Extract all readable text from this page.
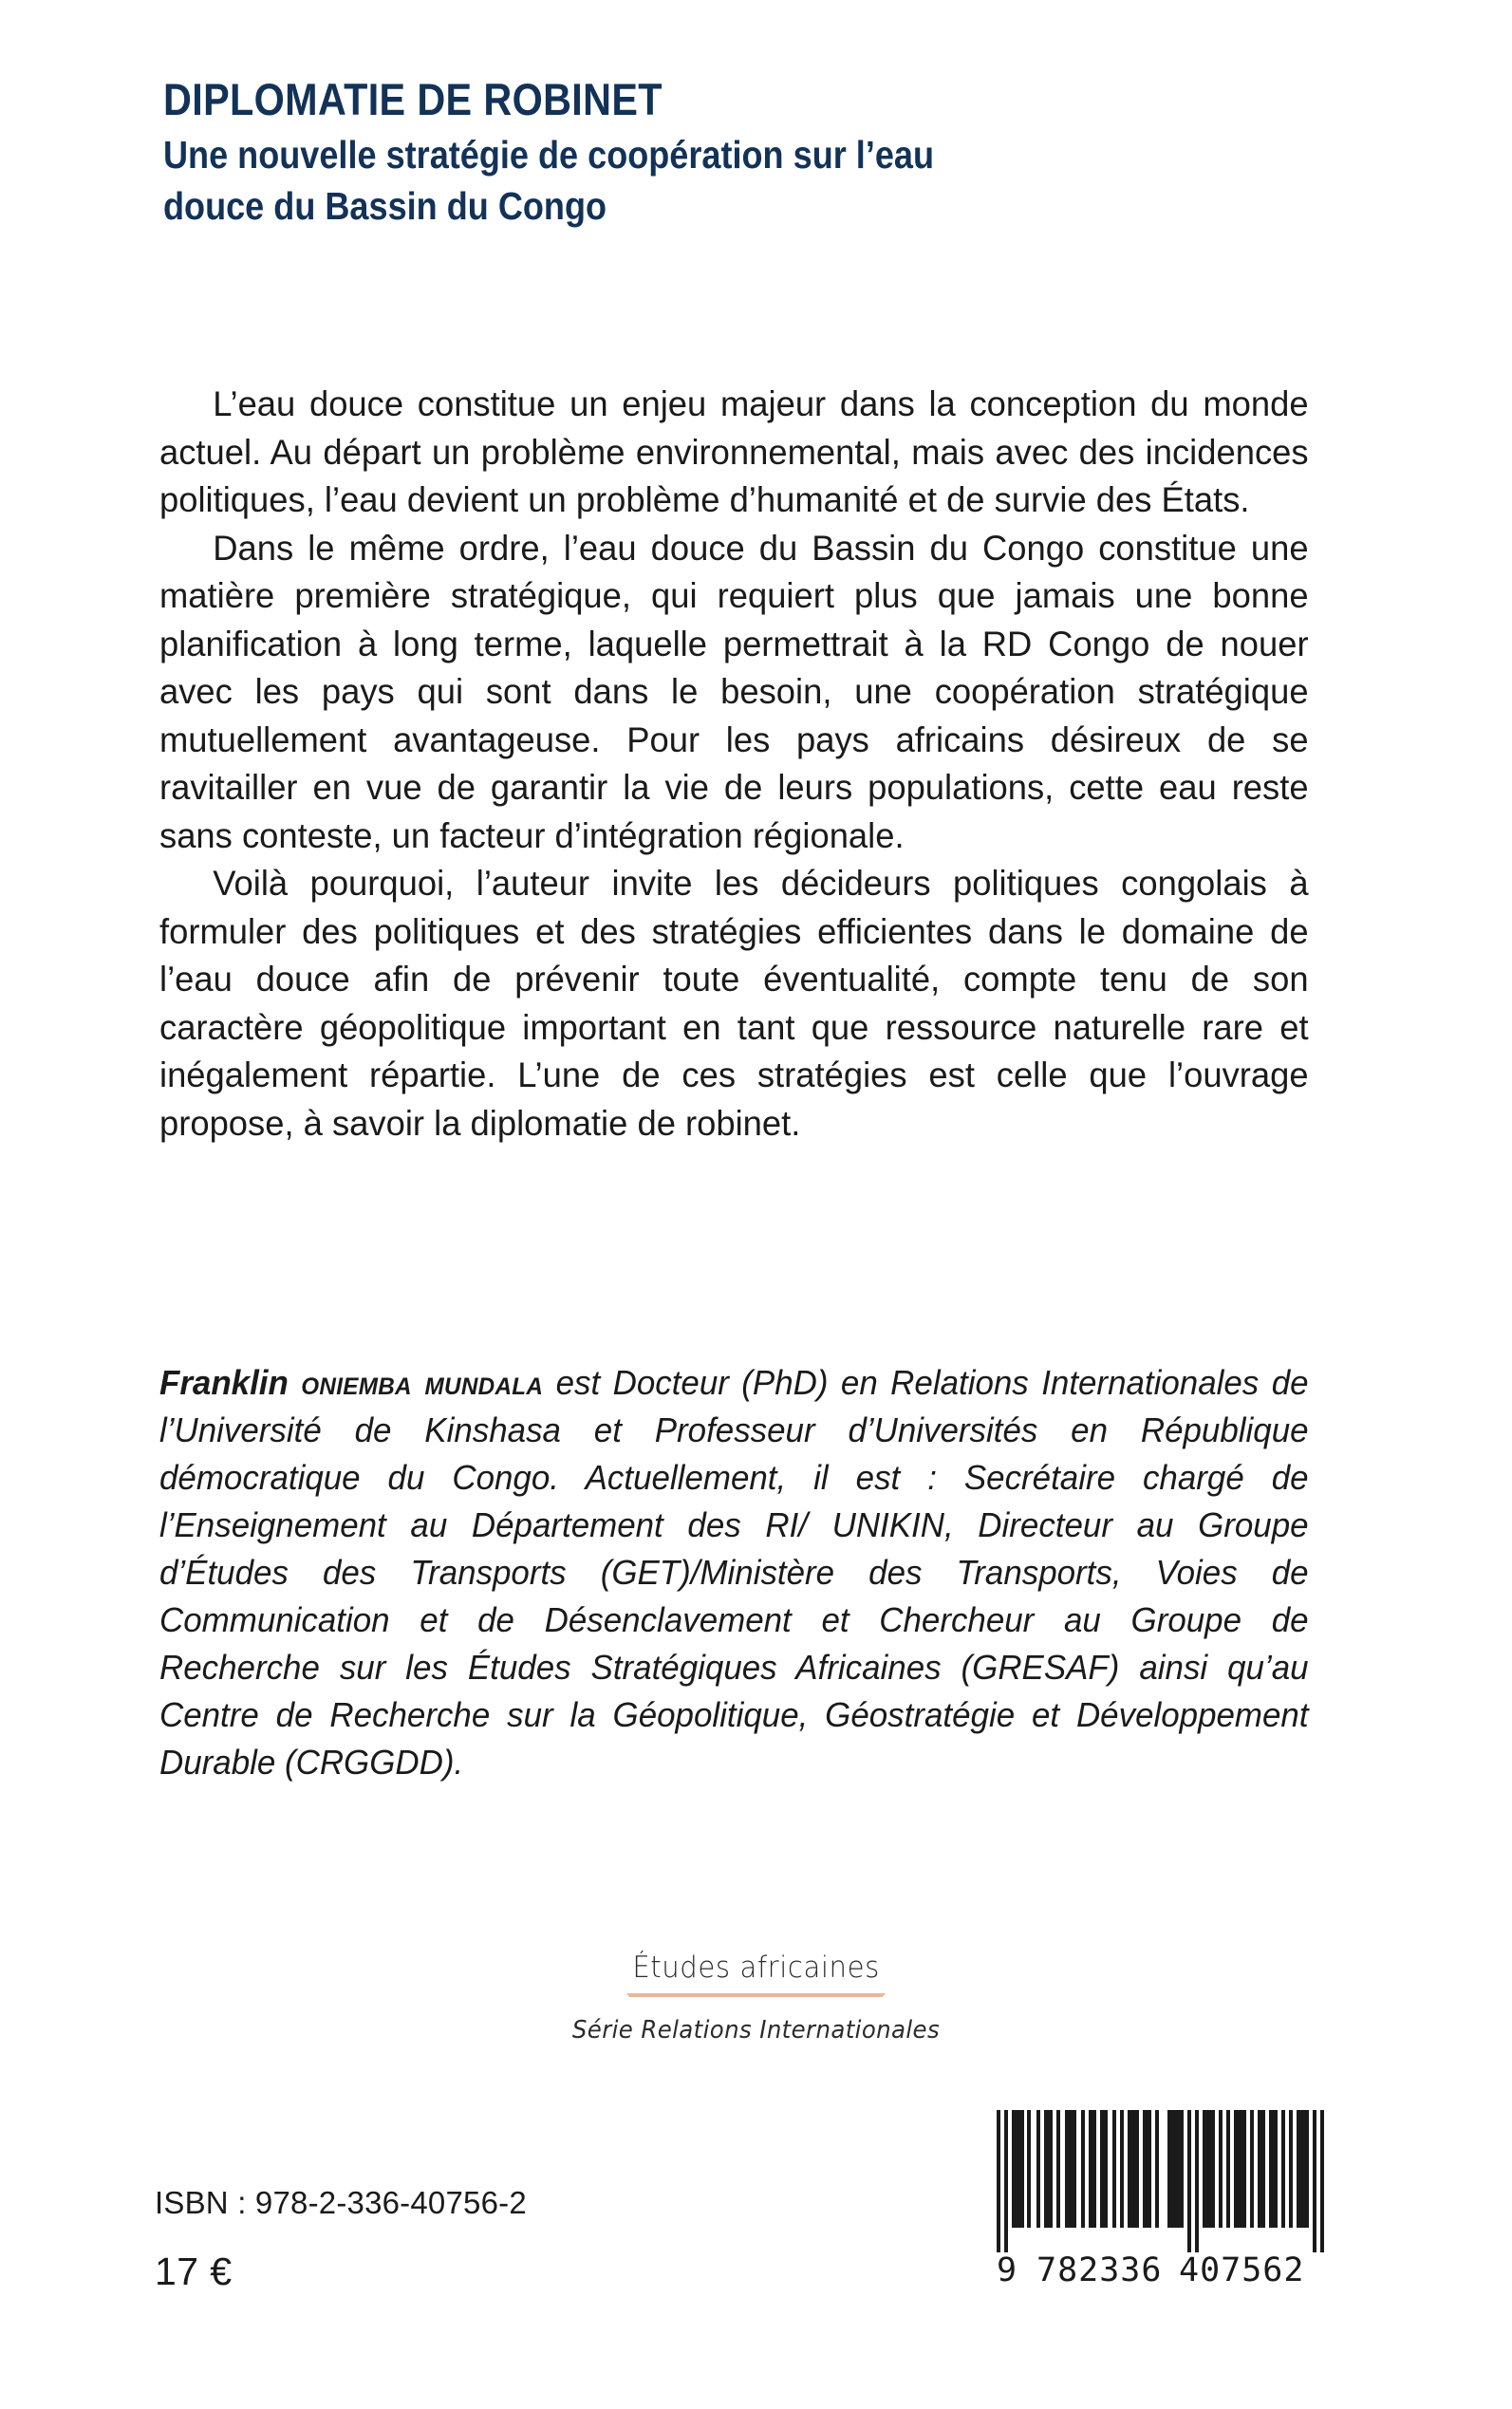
DIPLOMATIE DE ROBINET
Une nouvelle stratégie de coopération sur l’eau
douce du Bassin du Congo

L’eau douce constitue un enjeu majeur dans la conception du monde actuel. Au départ un problème environnemental, mais avec des incidences politiques, l’eau devient un problème d’humanité et de survie des États.

Dans le même ordre, l’eau douce du Bassin du Congo constitue une matière première stratégique, qui requiert plus que jamais une bonne planification à long terme, laquelle permettrait à la RD Congo de nouer avec les pays qui sont dans le besoin, une coopération stratégique mutuellement avantageuse. Pour les pays africains désireux de se ravitailler en vue de garantir la vie de leurs populations, cette eau reste sans conteste, un facteur d’intégration régionale.

Voilà pourquoi, l’auteur invite les décideurs politiques congolais à formuler des politiques et des stratégies efficientes dans le domaine de l’eau douce afin de prévenir toute éventualité, compte tenu de son caractère géopolitique important en tant que ressource naturelle rare et inégalement répartie. L’une de ces stratégies est celle que l’ouvrage propose, à savoir la diplomatie de robinet.

Franklin oniemba mundala est Docteur (PhD) en Relations Internationales de l’Université de Kinshasa et Professeur d’Universités en République démocratique du Congo. Actuellement, il est : Secrétaire chargé de l’Enseignement au Département des RI/ UNIKIN, Directeur au Groupe d’Études des Transports (GET)/Ministère des Transports, Voies de Communication et de Désenclavement et Chercheur au Groupe de Recherche sur les Études Stratégiques Africaines (GRESAF) ainsi qu’au Centre de Recherche sur la Géopolitique, Géostratégie et Développement Durable (CRGGDD).

Études africaines
Série Relations Internationales
ISBN : 978-2-336-40756-2
17 €	9 782336 407562
